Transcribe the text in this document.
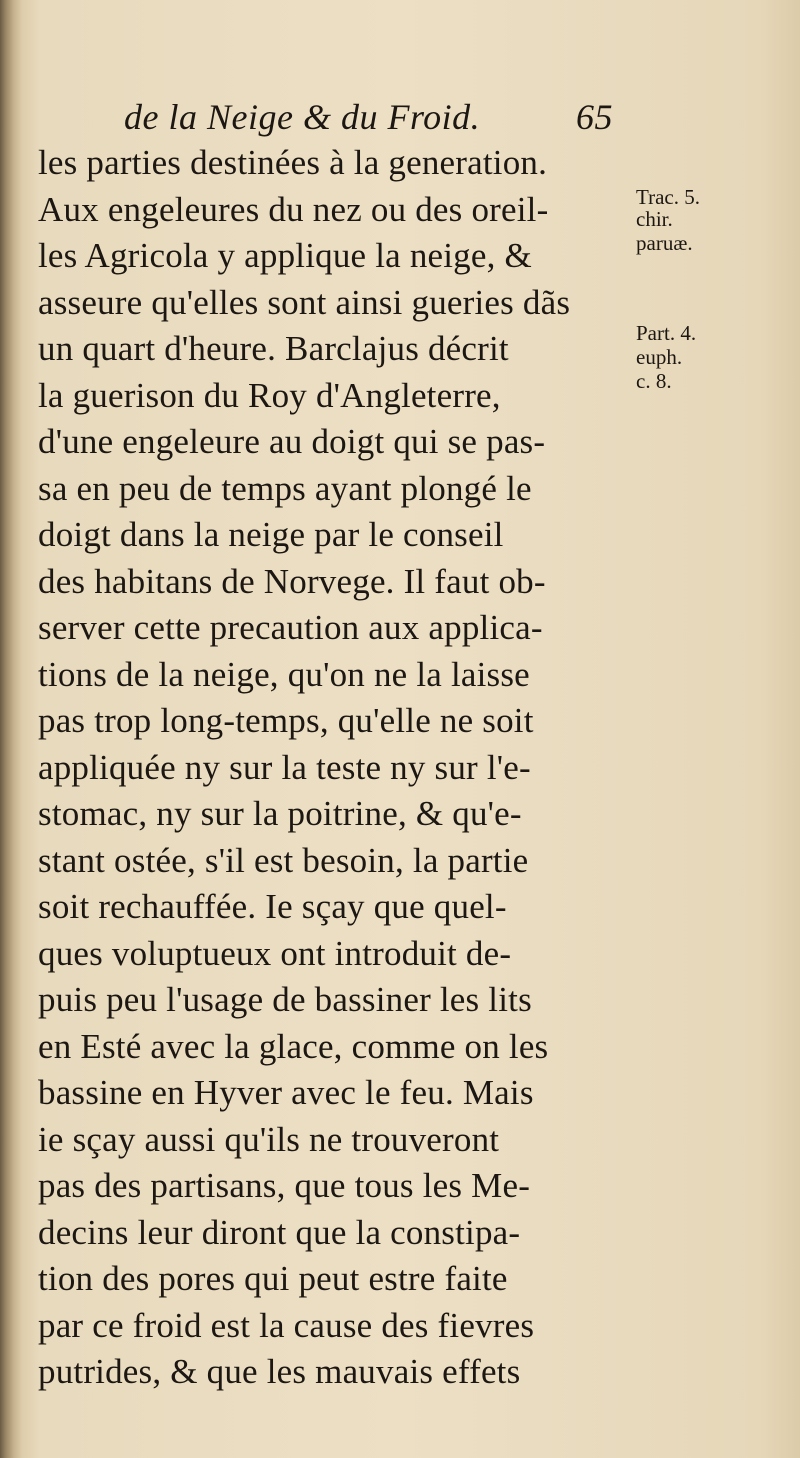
de la Neige & du Froid.	65
les parties destinées à la generation.
Aux engeleures du nez ou des oreil-
les Agricola y applique la neige, &
asseure qu'elles sont ainsi gueries dãs
un quart d'heure. Barclajus décrit
la guerison du Roy d'Angleterre,
d'une engeleure au doigt qui se pas-
sa en peu de temps ayant plongé le
doigt dans la neige par le conseil
des habitans de Norvege. Il faut ob-
server cette precaution aux applica-
tions de la neige, qu'on ne la laisse
pas trop long-temps, qu'elle ne soit
appliquée ny sur la teste ny sur l'e-
stomac, ny sur la poitrine, & qu'e-
stant ostée, s'il est besoin, la partie
soit rechauffée. Ie sçay que quel-
ques voluptueux ont introduit de-
puis peu l'usage de bassiner les lits
en Esté avec la glace, comme on les
bassine en Hyver avec le feu. Mais
ie sçay aussi qu'ils ne trouveront
pas des partisans, que tous les Me-
decins leur diront que la constipa-
tion des pores qui peut estre faite
par ce froid est la cause des fievres
putrides, & que les mauvais effets
Trac. 5.
chir.
paruæ.
Part. 4.
euph.
c. 8.
